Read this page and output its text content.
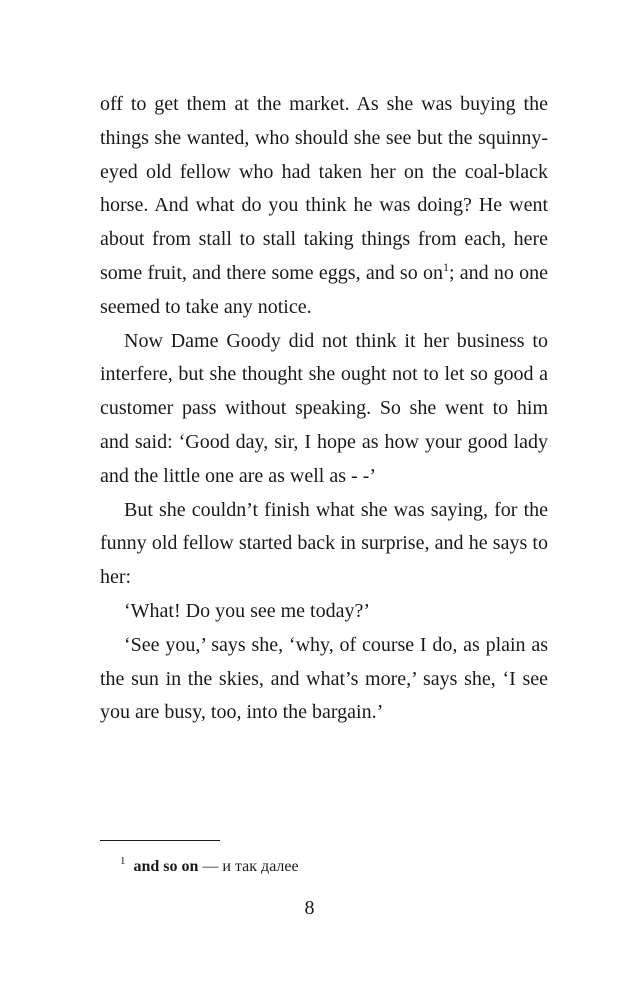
off to get them at the market. As she was buying the things she wanted, who should she see but the squinny-eyed old fellow who had taken her on the coal-black horse. And what do you think he was doing? He went about from stall to stall taking things from each, here some fruit, and there some eggs, and so $on^1$; and no one seemed to take any notice.

Now Dame Goody did not think it her business to interfere, but she thought she ought not to let so good a customer pass without speaking. So she went to him and said: ‘Good day, sir, I hope as how your good lady and the little one are as well as - -’

But she couldn’t finish what she was saying, for the funny old fellow started back in surprise, and he says to her:

‘What! Do you see me today?’

‘See you,’ says she, ‘why, of course I do, as plain as the sun in the skies, and what’s more,’ says she, ‘I see you are busy, too, into the bargain.’

$^1$ and so on — и так далее
8
